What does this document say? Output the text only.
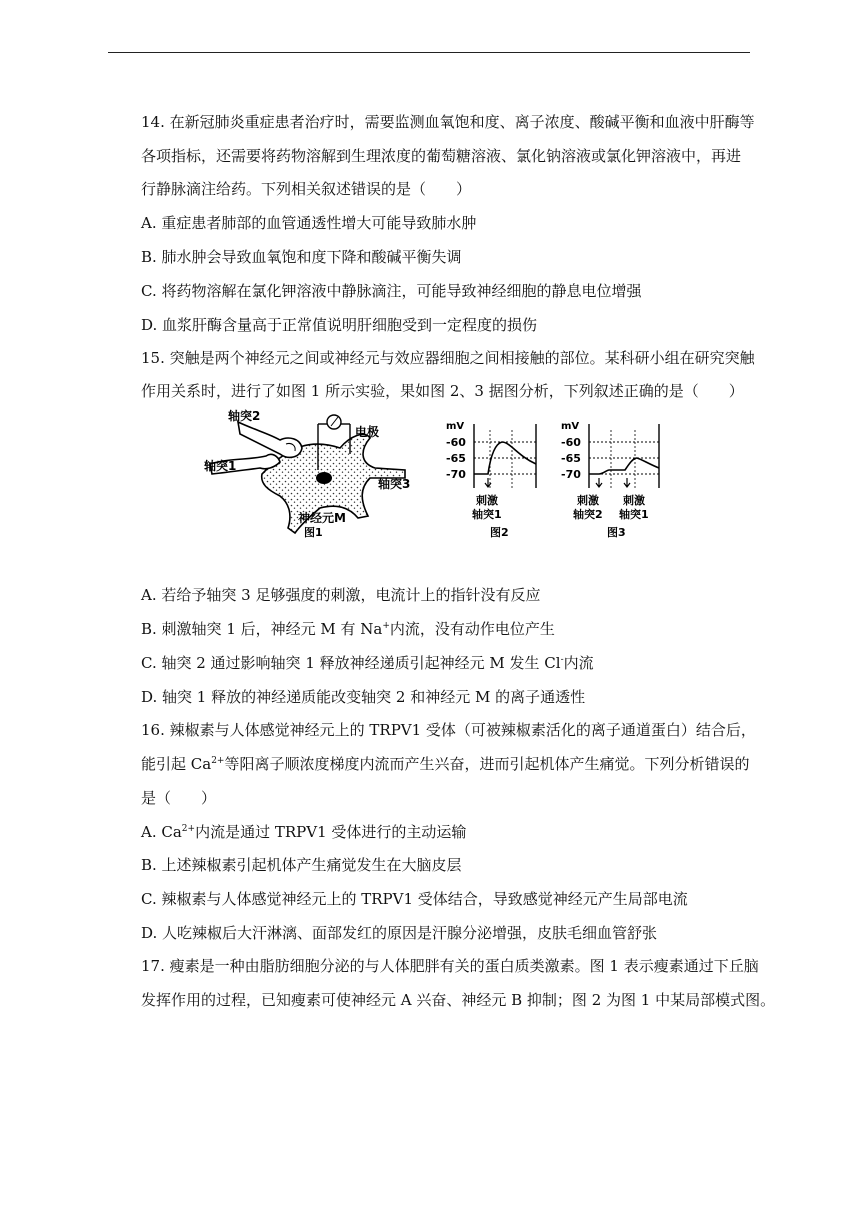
14. 在新冠肺炎重症患者治疗时，需要监测血氧饱和度、离子浓度、酸碱平衡和血液中肝酶等
各项指标，还需要将药物溶解到生理浓度的葡萄糖溶液、氯化钠溶液或氯化钾溶液中，再进
行静脉滴注给药。下列相关叙述错误的是（　　）
A. 重症患者肺部的血管通透性增大可能导致肺水肿
B. 肺水肿会导致血氧饱和度下降和酸碱平衡失调
C. 将药物溶解在氯化钾溶液中静脉滴注，可能导致神经细胞的静息电位增强
D. 血浆肝酶含量高于正常值说明肝细胞受到一定程度的损伤
15. 突触是两个神经元之间或神经元与效应器细胞之间相接触的部位。某科研小组在研究突触
作用关系时，进行了如图 1 所示实验，果如图 2、3 据图分析，下列叙述正确的是（　　）
轴突2
电极
轴突1
轴突3
神经元M
图1
mV
-60
-65
-70
刺激
轴突1
图2
mV
-60
-65
-70
刺激
轴突2
刺激
轴突1
图3
A. 若给予轴突 3 足够强度的刺激，电流计上的指针没有反应
B. 刺激轴突 1 后，神经元 M 有 Na+内流，没有动作电位产生
C. 轴突 2 通过影响轴突 1 释放神经递质引起神经元 M 发生 Cl-内流
D. 轴突 1 释放的神经递质能改变轴突 2 和神经元 M 的离子通透性
16. 辣椒素与人体感觉神经元上的 TRPV1 受体（可被辣椒素活化的离子通道蛋白）结合后，
能引起 $Ca^{2+}$等阳离子顺浓度梯度内流而产生兴奋，进而引起机体产生痛觉。下列分析错误的
是（　　）
A. $Ca^{2+}$内流是通过 TRPV1 受体进行的主动运输
B. 上述辣椒素引起机体产生痛觉发生在大脑皮层
C. 辣椒素与人体感觉神经元上的 TRPV1 受体结合，导致感觉神经元产生局部电流
D. 人吃辣椒后大汗淋漓、面部发红的原因是汗腺分泌增强，皮肤毛细血管舒张
17. 瘦素是一种由脂肪细胞分泌的与人体肥胖有关的蛋白质类激素。图 1 表示瘦素通过下丘脑
发挥作用的过程，已知瘦素可使神经元 A 兴奋、神经元 B 抑制；图 2 为图 1 中某局部模式图。
